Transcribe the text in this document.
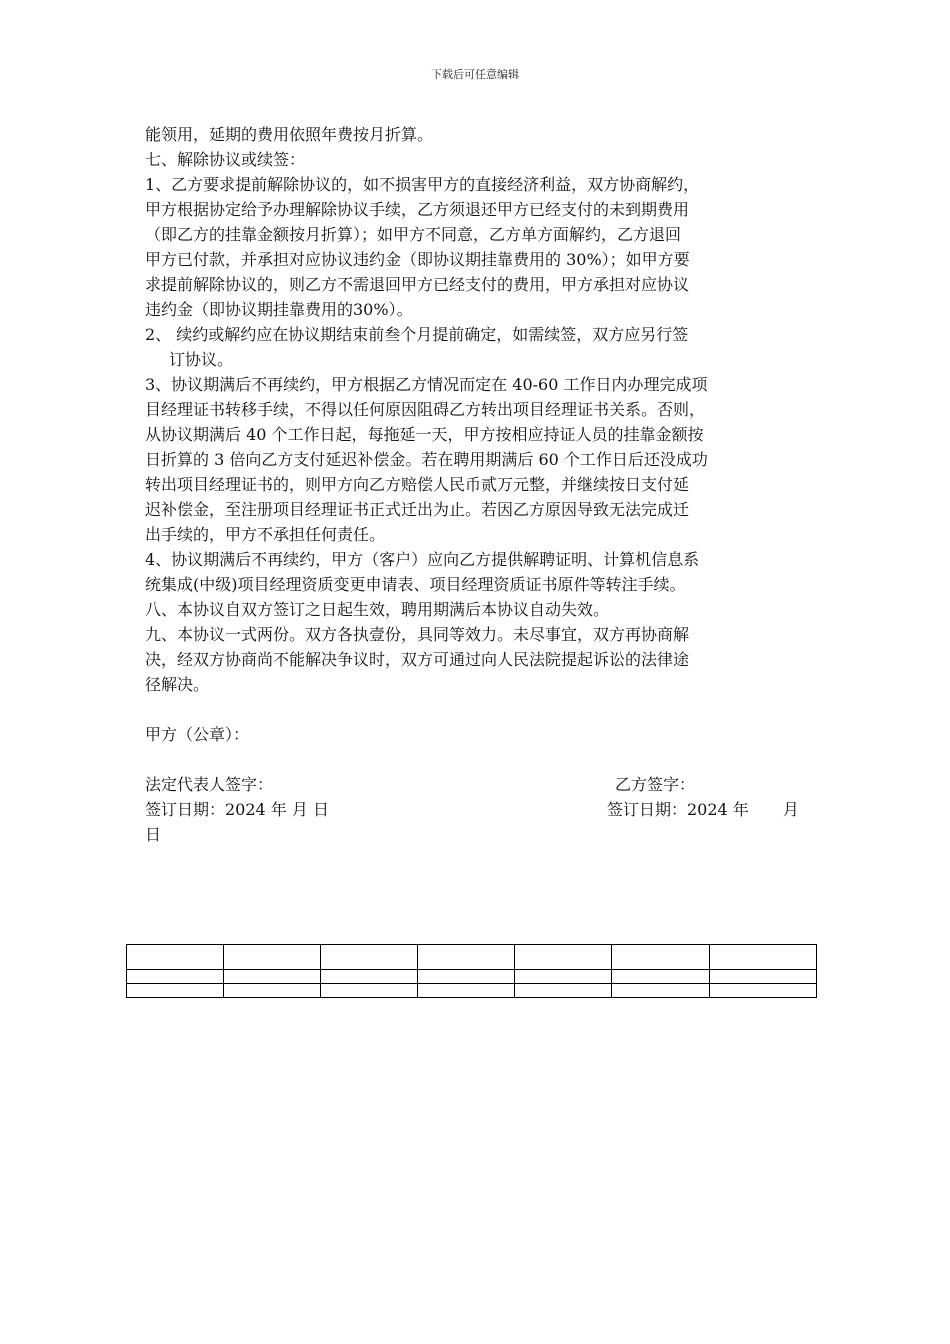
下载后可任意编辑
能领用，延期的费用依照年费按月折算。
七、解除协议或续签：
1、乙方要求提前解除协议的，如不损害甲方的直接经济利益，双方协商解约，
甲方根据协定给予办理解除协议手续，乙方须退还甲方已经支付的未到期费用
（即乙方的挂靠金额按月折算）；如甲方不同意，乙方单方面解约，乙方退回
甲方已付款，并承担对应协议违约金（即协议期挂靠费用的 30%）；如甲方要
求提前解除协议的，则乙方不需退回甲方已经支付的费用，甲方承担对应协议
违约金（即协议期挂靠费用的30%）。
2、 续约或解约应在协议期结束前叁个月提前确定，如需续签，双方应另行签
订协议。
3、协议期满后不再续约，甲方根据乙方情况而定在 40-60 工作日内办理完成项
目经理证书转移手续，不得以任何原因阻碍乙方转出项目经理证书关系。否则，
从协议期满后 40 个工作日起，每拖延一天，甲方按相应持证人员的挂靠金额按
日折算的 3 倍向乙方支付延迟补偿金。若在聘用期满后 60 个工作日后还没成功
转出项目经理证书的，则甲方向乙方赔偿人民币贰万元整，并继续按日支付延
迟补偿金，至注册项目经理证书正式迁出为止。若因乙方原因导致无法完成迁
出手续的，甲方不承担任何责任。
4、协议期满后不再续约，甲方（客户）应向乙方提供解聘证明、计算机信息系
统集成(中级)项目经理资质变更申请表、项目经理资质证书原件等转注手续。
八、本协议自双方签订之日起生效，聘用期满后本协议自动失效。
九、本协议一式两份。双方各执壹份，具同等效力。未尽事宜，双方再协商解
决，经双方协商尚不能解决争议时，双方可通过向人民法院提起诉讼的法律途
径解决。
甲方（公章）：
法定代表人签字：	乙方签字：
签订日期：2024 年 月 日	签订日期：2024 年 月
日
